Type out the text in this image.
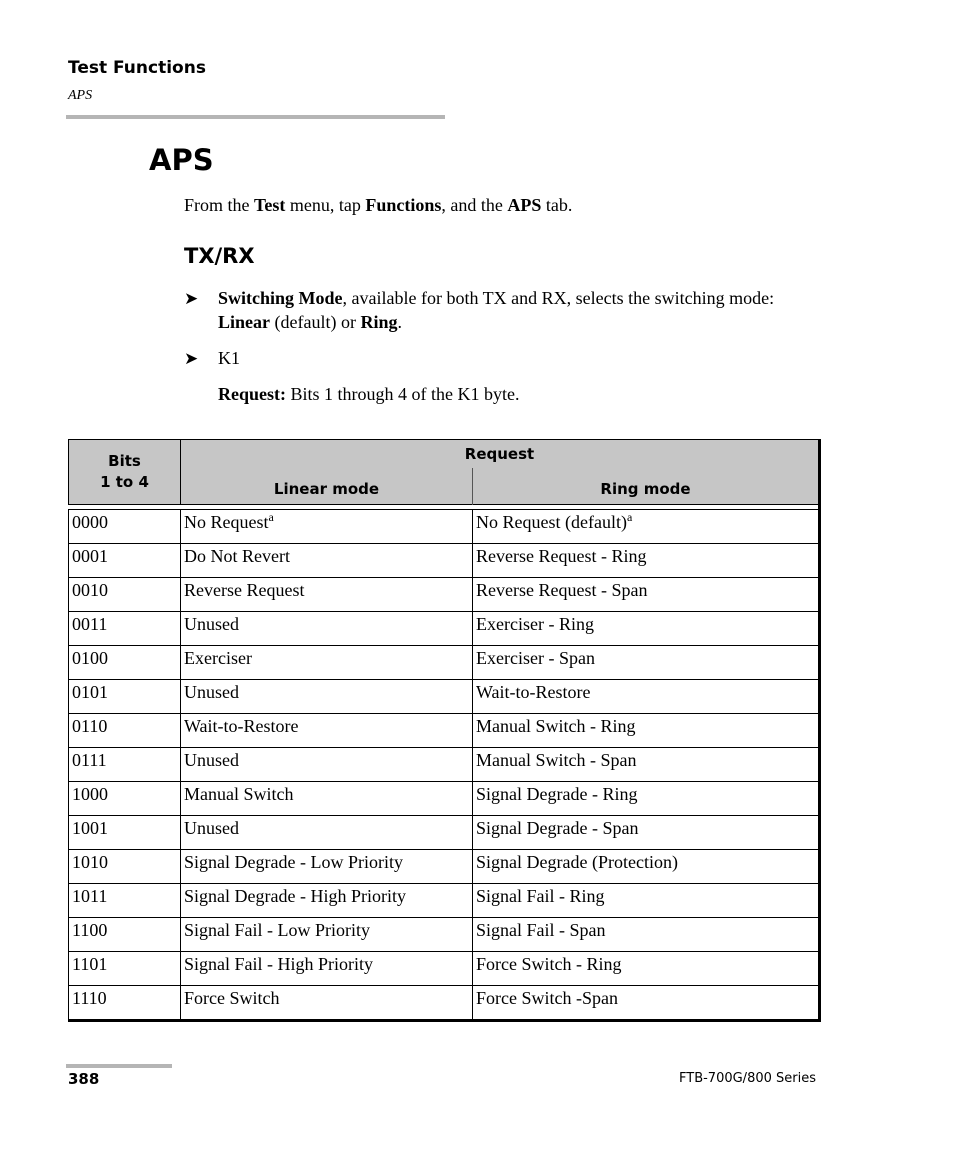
Test Functions
APS
APS
From the Test menu, tap Functions, and the APS tab.
TX/RX
➤ Switching Mode, available for both TX and RX, selects the switching mode: Linear (default) or Ring.
➤ K1
Request: Bits 1 through 4 of the K1 byte.
Bits
1 to 4	Request	
	Linear mode	Ring mode

0000	No Request$^a$	No Request (default)$^a$
0001	Do Not Revert	Reverse Request - Ring
0010	Reverse Request	Reverse Request - Span
0011	Unused	Exerciser - Ring
0100	Exerciser	Exerciser - Span
0101	Unused	Wait-to-Restore
0110	Wait-to-Restore	Manual Switch - Ring
0111	Unused	Manual Switch - Span
1000	Manual Switch	Signal Degrade - Ring
1001	Unused	Signal Degrade - Span
1010	Signal Degrade - Low Priority	Signal Degrade (Protection)
1011	Signal Degrade - High Priority	Signal Fail - Ring
1100	Signal Fail - Low Priority	Signal Fail - Span
1101	Signal Fail - High Priority	Force Switch - Ring
1110	Force Switch	Force Switch -Span
388	FTB-700G/800 Series
